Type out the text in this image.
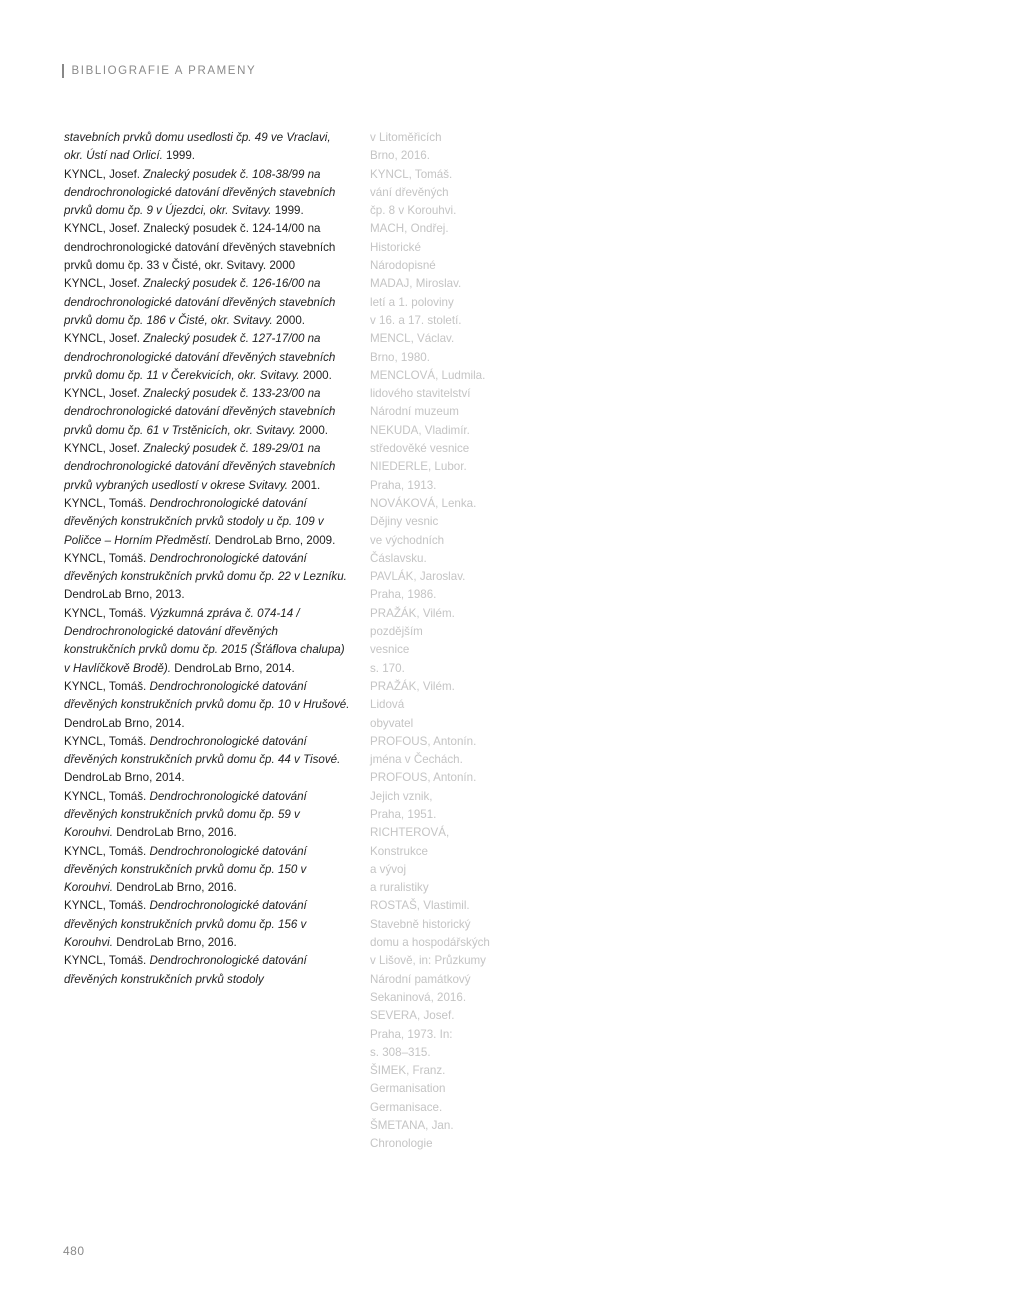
BIBLIOGRAFIE A PRAMENY

stavebních prvků domu usedlosti čp. 49 ve Vraclavi, okr. Ústí nad Orlicí. 1999.

KYNCL, Josef. Znalecký posudek č. 108-38/99 na dendrochronologické datování dřevěných stavebních prvků domu čp. 9 v Újezdci, okr. Svitavy. 1999.

KYNCL, Josef. Znalecký posudek č. 124-14/00 na dendrochronologické datování dřevěných stavebních prvků domu čp. 33 v Čisté, okr. Svitavy. 2000

KYNCL, Josef. Znalecký posudek č. 126-16/00 na dendrochronologické datování dřevěných stavebních prvků domu čp. 186 v Čisté, okr. Svitavy. 2000.

KYNCL, Josef. Znalecký posudek č. 127-17/00 na dendrochronologické datování dřevěných stavebních prvků domu čp. 11 v Čerekvicích, okr. Svitavy. 2000.

KYNCL, Josef. Znalecký posudek č. 133-23/00 na dendrochronologické datování dřevěných stavebních prvků domu čp. 61 v Trstěnicích, okr. Svitavy. 2000.

KYNCL, Josef. Znalecký posudek č. 189-29/01 na dendrochronologické datování dřevěných stavebních prvků vybraných usedlostí v okrese Svitavy. 2001.

KYNCL, Tomáš. Dendrochronologické datování dřevěných konstrukčních prvků stodoly u čp. 109 v Poličce – Horním Předměstí. DendroLab Brno, 2009.

KYNCL, Tomáš. Dendrochronologické datování dřevěných konstrukčních prvků domu čp. 22 v Lezníku. DendroLab Brno, 2013.

KYNCL, Tomáš. Výzkumná zpráva č. 074-14 / Dendrochronologické datování dřevěných konstrukčních prvků domu čp. 2015 (Šťáflova chalupa) v Havlíčkově Brodě). DendroLab Brno, 2014.

KYNCL, Tomáš. Dendrochronologické datování dřevěných konstrukčních prvků domu čp. 10 v Hrušové. DendroLab Brno, 2014.

KYNCL, Tomáš. Dendrochronologické datování dřevěných konstrukčních prvků domu čp. 44 v Tisové. DendroLab Brno, 2014.

KYNCL, Tomáš. Dendrochronologické datování dřevěných konstrukčních prvků domu čp. 59 v Korouhvi. DendroLab Brno, 2016.

KYNCL, Tomáš. Dendrochronologické datování dřevěných konstrukčních prvků domu čp. 150 v Korouhvi. DendroLab Brno, 2016.

KYNCL, Tomáš. Dendrochronologické datování dřevěných konstrukčních prvků domu čp. 156 v Korouhvi. DendroLab Brno, 2016.

KYNCL, Tomáš. Dendrochronologické datování dřevěných konstrukčních prvků stodoly

v Litoměřicích
Brno, 2016.
KYNCL, Tomáš.
vání dřevěných
čp. 8 v Korouhvi.
MACH, Ondřej.
Historické
Národopisné
MADAJ, Miroslav.
letí a 1. poloviny
v 16. a 17. století.
MENCL, Václav.
Brno, 1980.
MENCLOVÁ, Ludmila.
lidového stavitelství
Národní muzeum
NEKUDA, Vladimír.
středověké vesnice
NIEDERLE, Lubor.
Praha, 1913.
NOVÁKOVÁ, Lenka.
Dějiny vesnic
ve východních
Čáslavsku.
PAVLÁK, Jaroslav.
Praha, 1986.
PRAŽÁK, Vilém.
pozdějším
vesnice
s. 170.
PRAŽÁK, Vilém.
Lidová
obyvatel
PROFOUS, Antonín.
jména v Čechách.
PROFOUS, Antonín.
Jejich vznik,
Praha, 1951.
RICHTEROVÁ,
Konstrukce
a vývoj
a ruralistiky
ROSTAŠ, Vlastimil.
Stavebně historický
domu a hospodářských
v Lišově, in: Průzkumy
Národní památkový
Sekaninová, 2016.
SEVERA, Josef.
Praha, 1973. In:
s. 308–315.
ŠIMEK, Franz.
Germanisation
Germanisace.
ŠMETANA, Jan.
Chronologie
480
